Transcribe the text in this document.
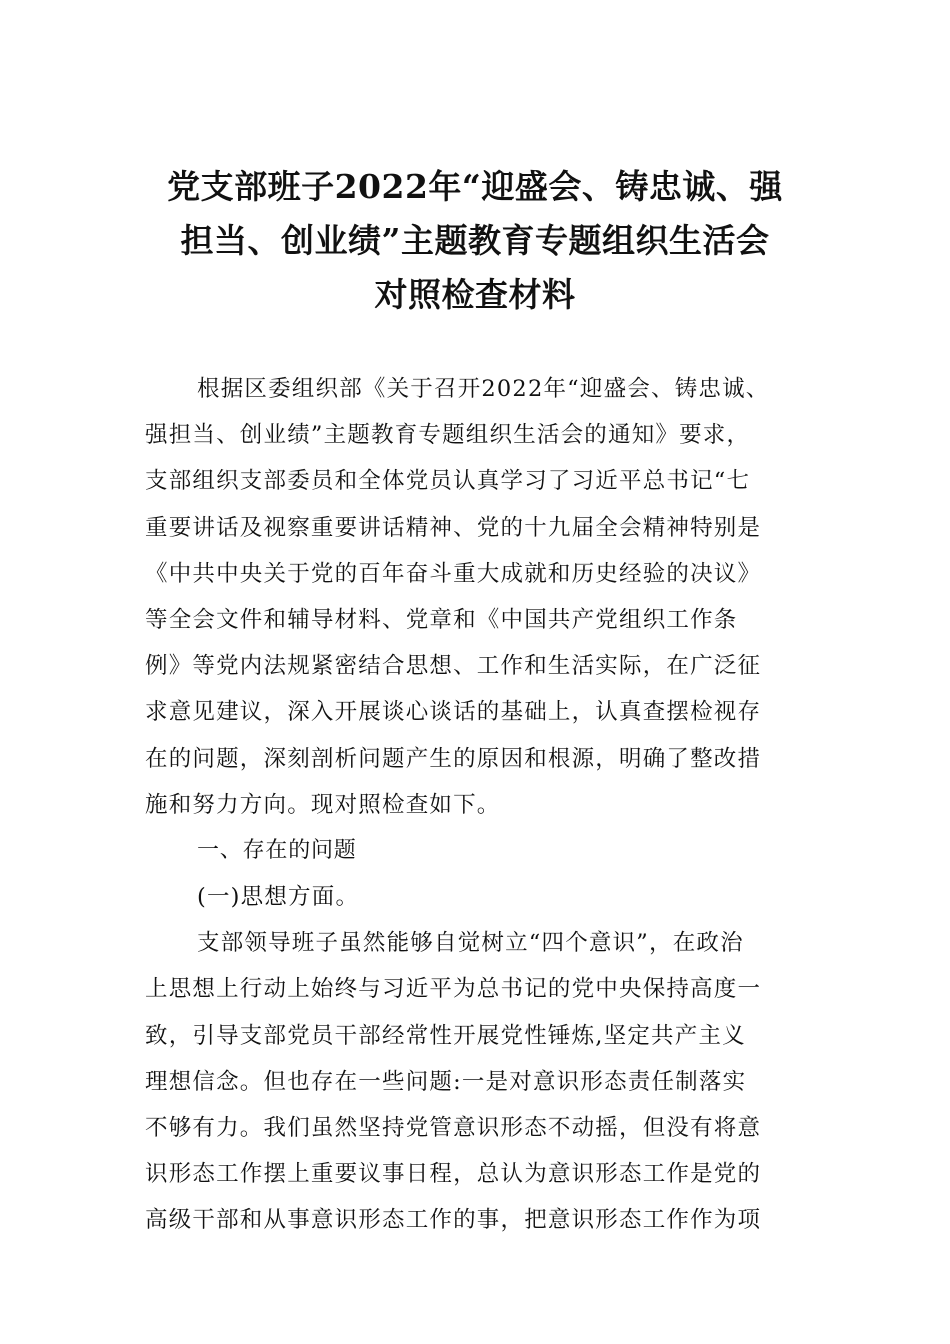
党支部班子2022年“迎盛会、铸忠诚、强
担当、创业绩”主题教育专题组织生活会
对照检查材料
根据区委组织部《关于召开2022年“迎盛会、铸忠诚、
强担当、创业绩”主题教育专题组织生活会的通知》要求，
支部组织支部委员和全体党员认真学习了习近平总书记“七
重要讲话及视察重要讲话精神、党的十九届全会精神特别是
《中共中央关于党的百年奋斗重大成就和历史经验的决议》
等全会文件和辅导材料、党章和《中国共产党组织工作条
例》等党内法规紧密结合思想、工作和生活实际，在广泛征
求意见建议，深入开展谈心谈话的基础上，认真查摆检视存
在的问题，深刻剖析问题产生的原因和根源，明确了整改措
施和努力方向。现对照检查如下。
一、存在的问题
(一)思想方面。
支部领导班子虽然能够自觉树立“四个意识”，在政治
上思想上行动上始终与习近平为总书记的党中央保持高度一
致，引导支部党员干部经常性开展党性锤炼,坚定共产主义
理想信念。但也存在一些问题:一是对意识形态责任制落实
不够有力。我们虽然坚持党管意识形态不动摇，但没有将意
识形态工作摆上重要议事日程，总认为意识形态工作是党的
高级干部和从事意识形态工作的事，把意识形态工作作为项
